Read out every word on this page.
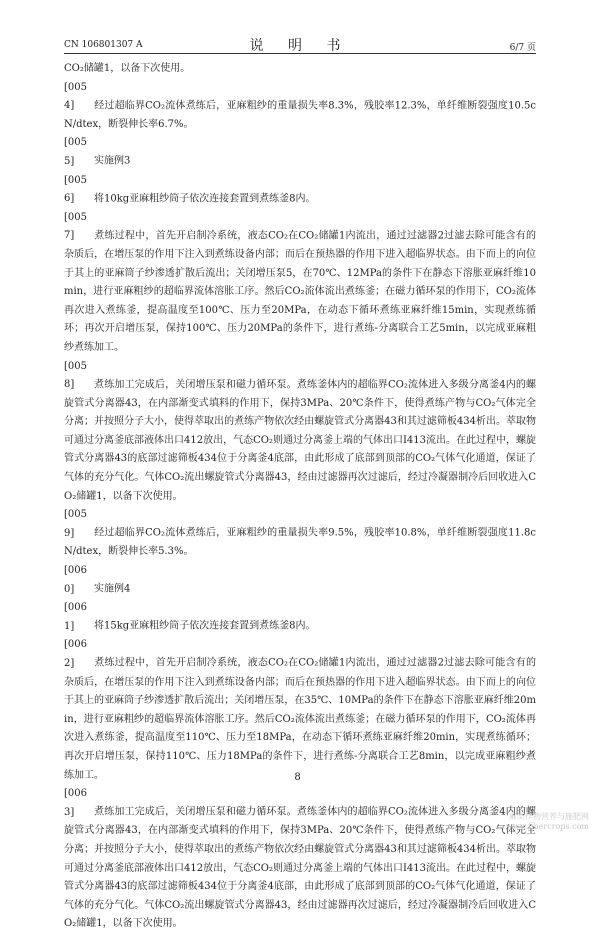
CN 106801307 A	说 明 书	6/7 页

CO₂储罐1，以备下次使用。

[0054] 经过超临界CO₂流体煮练后，亚麻粗纱的重量损失率8.3%，残胶率12.3%，单纤维断裂强度10.5cN/dtex，断裂伸长率6.7%。

[0055] 实施例3

[0056] 将10kg亚麻粗纱筒子依次连接套置到煮练釜8内。

[0057] 煮练过程中，首先开启制冷系统，液态CO₂在CO₂储罐1内流出，通过过滤器2过滤去除可能含有的杂质后，在增压泵的作用下注入到煮练设备内部；而后在预热器的作用下进入超临界状态。由下而上的向位于其上的亚麻筒子纱渗透扩散后流出；关闭增压泵5，在70℃、12MPa的条件下在静态下溶胀亚麻纤维10min，进行亚麻粗纱的超临界流体溶胀工序。然后CO₂流体流出煮练釜；在磁力循环泵的作用下，CO₂流体再次进入煮练釜，提高温度至100℃、压力至20MPa，在动态下循环煮练亚麻纤维15min，实现煮练循环；再次开启增压泵，保持100℃、压力20MPa的条件下，进行煮练-分离联合工艺5min，以完成亚麻粗纱煮练加工。

[0058] 煮练加工完成后，关闭增压泵和磁力循环泵。煮练釜体内的超临界CO₂流体进入多级分离釜4内的螺旋管式分离器43，在内部渐变式填料的作用下，保持3MPa、20℃条件下，使得煮练产物与CO₂气体完全分离；并按照分子大小，使得萃取出的煮练产物依次经由螺旋管式分离器43和其过滤筛板434析出。萃取物可通过分离釜底部液体出口412放出，气态CO₂则通过分离釜上端的气体出口I413流出。在此过程中，螺旋管式分离器43的底部过滤筛板434位于分离釜4底部，由此形成了底部到顶部的CO₂气体气化通道，保证了气体的充分气化。气体CO₂流出螺旋管式分离器43，经由过滤器再次过滤后，经过冷凝器制冷后回收进入CO₂储罐1，以备下次使用。

[0059] 经过超临界CO₂流体煮练后，亚麻粗纱的重量损失率9.5%，残胶率10.8%，单纤维断裂强度11.8cN/dtex，断裂伸长率5.3%。

[0060] 实施例4

[0061] 将15kg亚麻粗纱筒子依次连接套置到煮练釜8内。

[0062] 煮练过程中，首先开启制冷系统，液态CO₂在CO₂储罐1内流出，通过过滤器2过滤去除可能含有的杂质后，在增压泵的作用下注入到煮练设备内部；而后在预热器的作用下进入超临界状态。由下而上的向位于其上的亚麻筒子纱渗透扩散后流出；关闭增压泵，在35℃、10MPa的条件下在静态下溶胀亚麻纤维20min，进行亚麻粗纱的超临界流体溶胀工序。然后CO₂流体流出煮练釜；在磁力循环泵的作用下，CO₂流体再次进入煮练釜，提高温度至110℃、压力至18MPa，在动态下循环煮练亚麻纤维20min，实现煮练循环；再次开启增压泵，保持110℃、压力18MPa的条件下，进行煮练-分离联合工艺8min，以完成亚麻粗纱煮练加工。

[0063] 煮练加工完成后，关闭增压泵和磁力循环泵。煮练釜体内的超临界CO₂流体进入多级分离釜4内的螺旋管式分离器43，在内部渐变式填料的作用下，保持3MPa、20℃条件下，使得煮练产物与CO₂气体完全分离；并按照分子大小，使得萃取出的煮练产物依次经由螺旋管式分离器43和其过滤筛板434析出。萃取物可通过分离釜底部液体出口412放出，气态CO₂则通过分离釜上端的气体出口I413流出。在此过程中，螺旋管式分离器43的底部过滤筛板434位于分离釜4底部，由此形成了底部到顶部的CO₂气体气化通道，保证了气体的充分气化。气体CO₂流出螺旋管式分离器43，经由过滤器再次过滤后，经过冷凝器制冷后回收进入CO₂储罐1，以备下次使用。

8
麻类作物营养与施肥网
www.fibercrops.com
